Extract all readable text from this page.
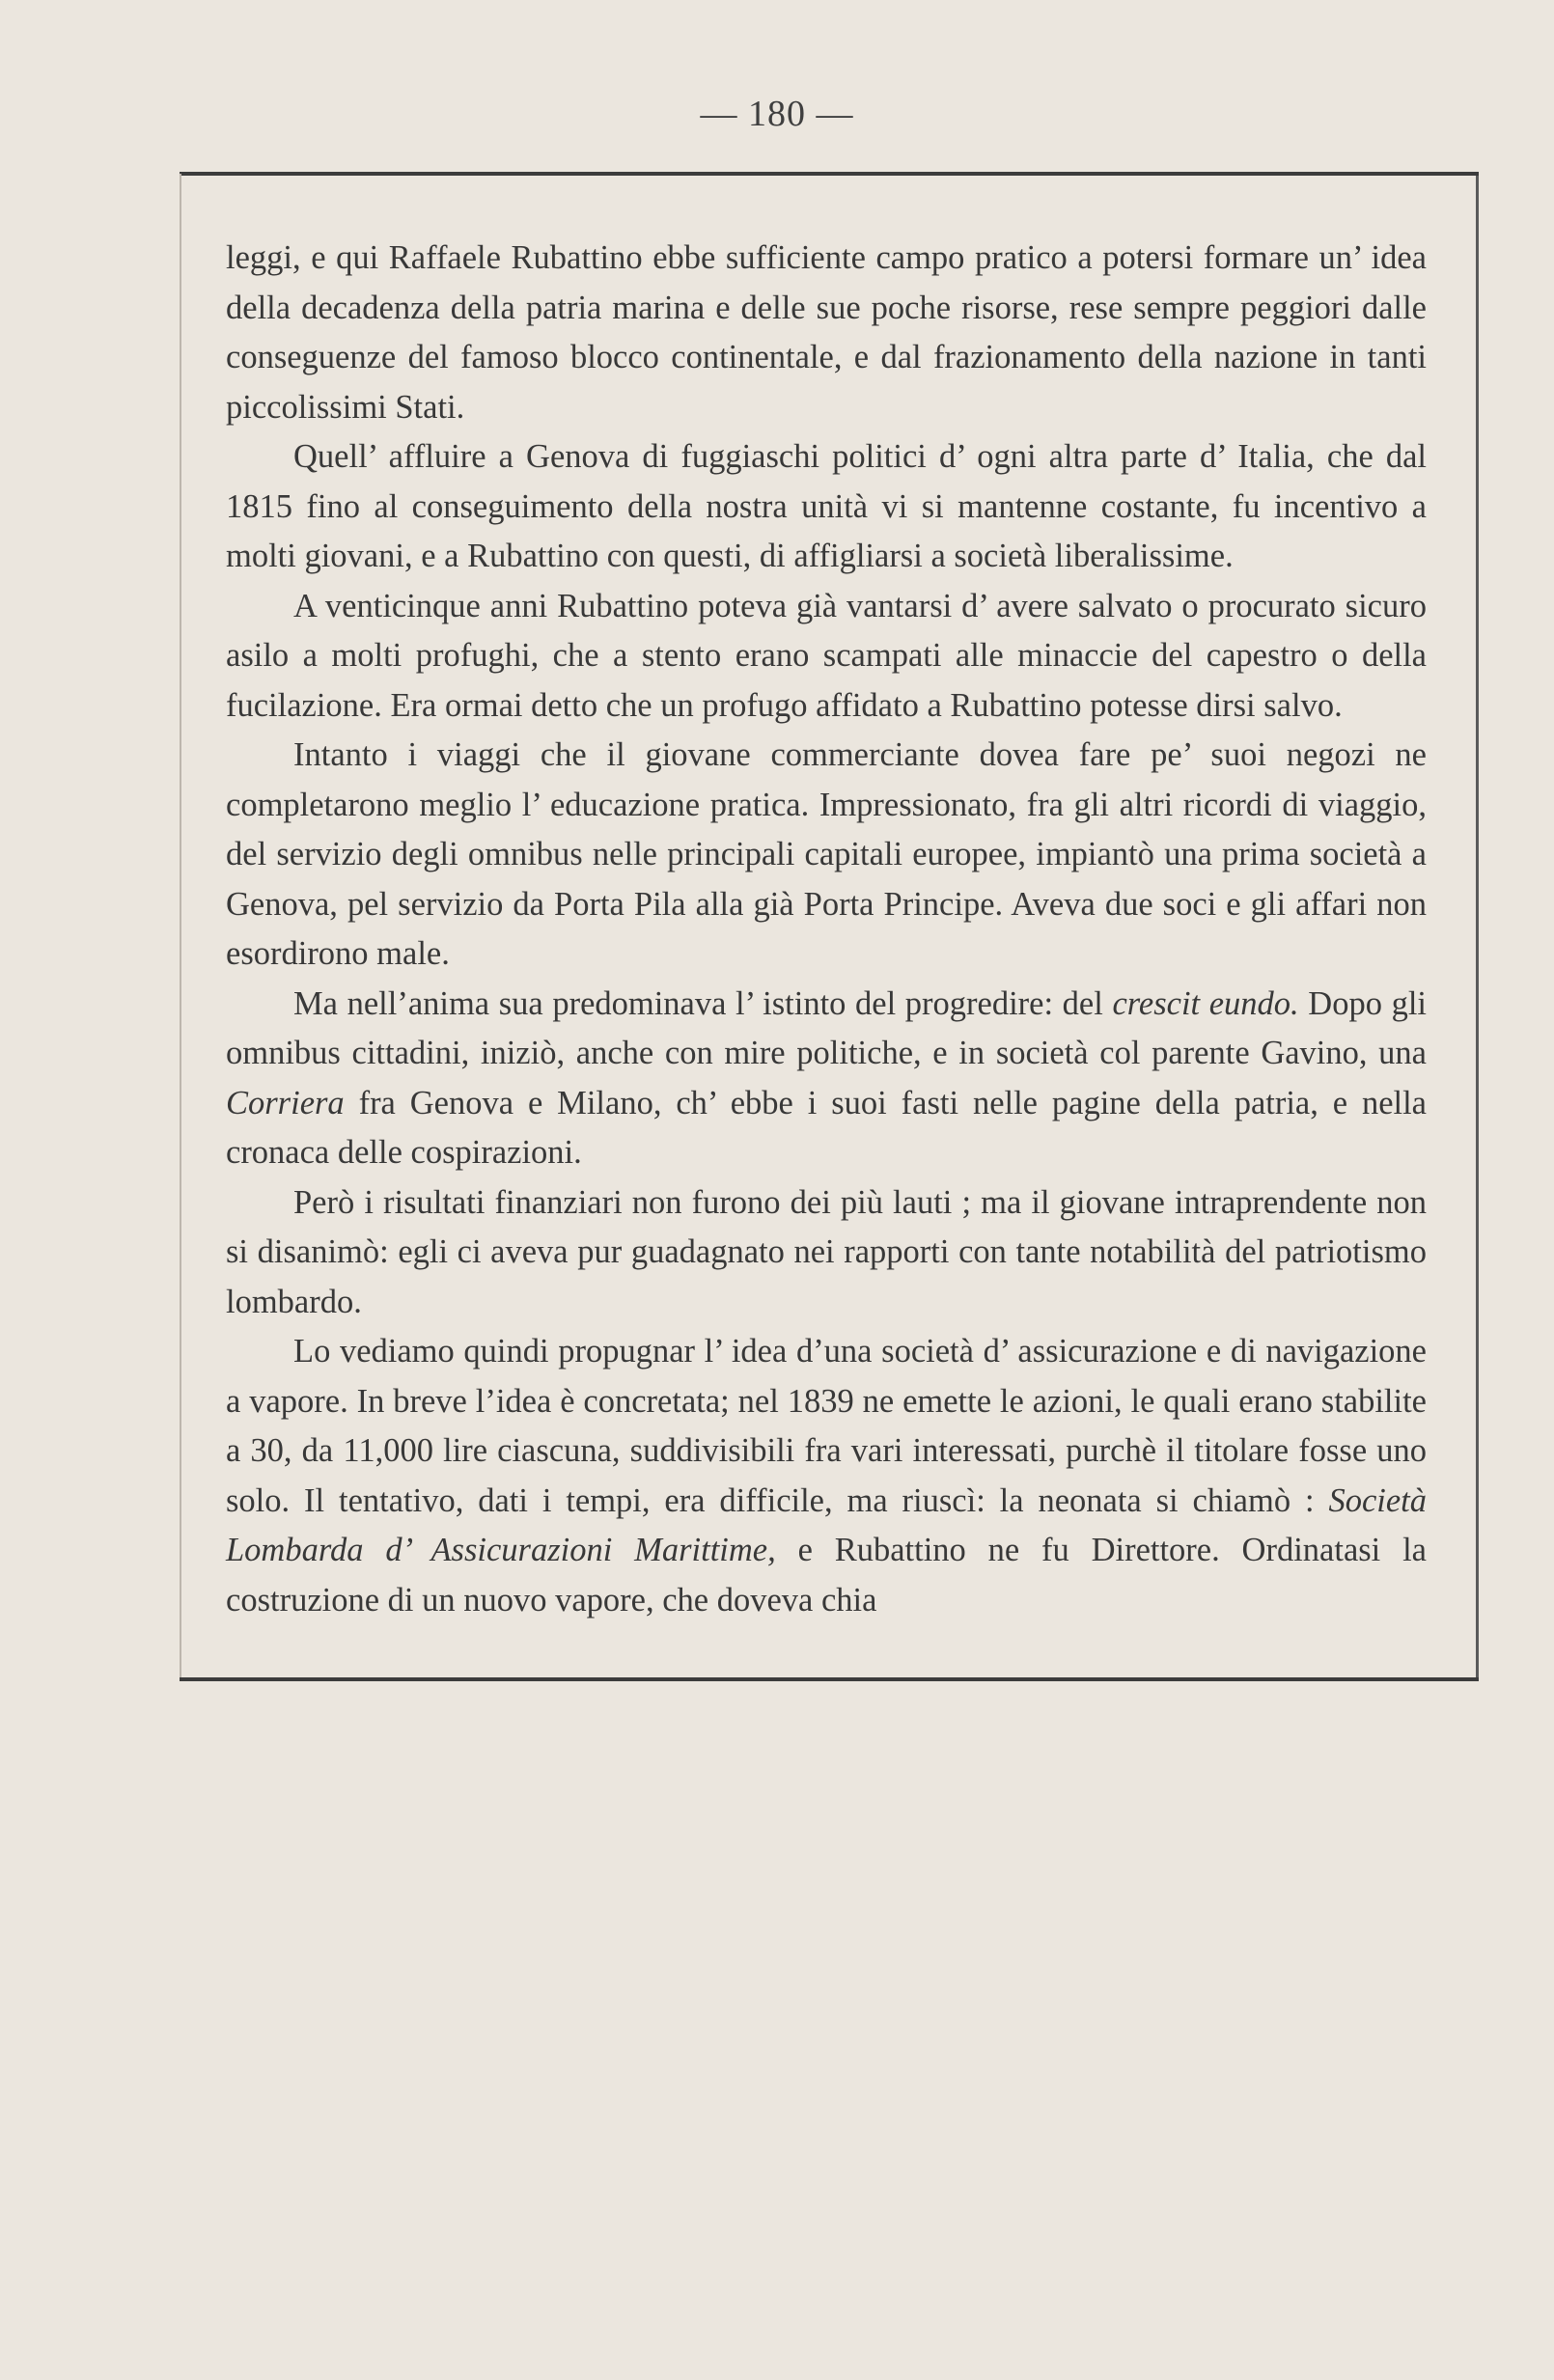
— 180 —

leggi, e qui Raffaele Rubattino ebbe sufficiente campo pratico a potersi formare un’ idea della decadenza della patria marina e delle sue poche risorse, rese sempre peggiori dalle conseguenze del famoso blocco continentale, e dal frazionamento della nazione in tanti piccolissimi Stati.

Quell’ affluire a Genova di fuggiaschi politici d’ ogni altra parte d’ Italia, che dal 1815 fino al conseguimento della nostra unità vi si mantenne costante, fu incentivo a molti giovani, e a Rubattino con questi, di affigliarsi a società liberalissime.

A venticinque anni Rubattino poteva già vantarsi d’ avere salvato o procurato sicuro asilo a molti profughi, che a stento erano scampati alle minaccie del capestro o della fucilazione. Era ormai detto che un profugo affidato a Rubattino potesse dirsi salvo.

Intanto i viaggi che il giovane commerciante dovea fare pe’ suoi negozi ne completarono meglio l’ educazione pratica. Impressionato, fra gli altri ricordi di viaggio, del servizio degli omnibus nelle principali capitali europee, impiantò una prima società a Genova, pel servizio da Porta Pila alla già Porta Principe. Aveva due soci e gli affari non esordirono male.

Ma nell’anima sua predominava l’ istinto del progredire: del crescit eundo. Dopo gli omnibus cittadini, iniziò, anche con mire politiche, e in società col parente Gavino, una Corriera fra Genova e Milano, ch’ ebbe i suoi fasti nelle pagine della patria, e nella cronaca delle cospirazioni.

Però i risultati finanziari non furono dei più lauti ; ma il giovane intraprendente non si disanimò: egli ci aveva pur guadagnato nei rapporti con tante notabilità del patriotismo lombardo.

Lo vediamo quindi propugnar l’ idea d’una società d’ assicurazione e di navigazione a vapore. In breve l’idea è concretata; nel 1839 ne emette le azioni, le quali erano stabilite a 30, da 11,000 lire ciascuna, suddivisibili fra vari interessati, purchè il titolare fosse uno solo. Il tentativo, dati i tempi, era difficile, ma riuscì: la neonata si chiamò : Società Lombarda d’ Assicurazioni Marittime, e Rubattino ne fu Direttore. Ordinatasi la costruzione di un nuovo vapore, che doveva chia
